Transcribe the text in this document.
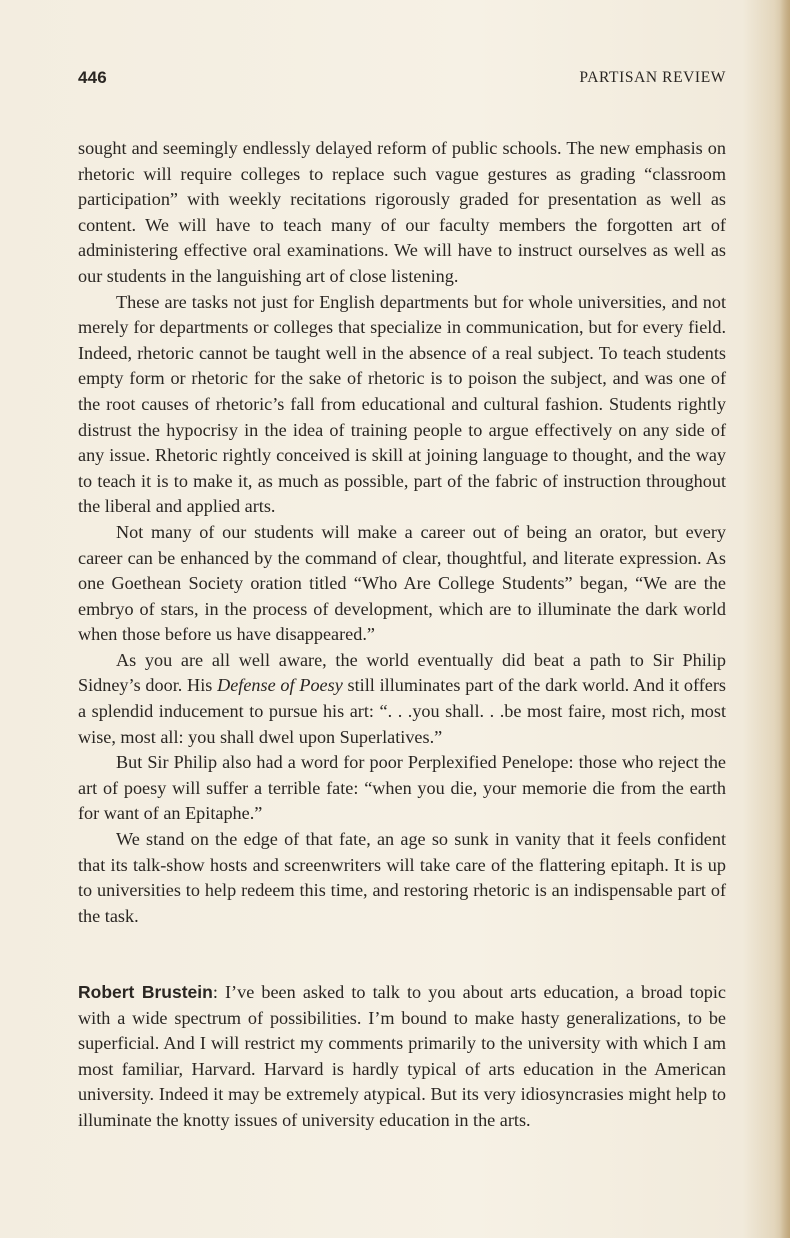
446	PARTISAN REVIEW

sought and seemingly endlessly delayed reform of public schools. The new emphasis on rhetoric will require colleges to replace such vague gestures as grading “classroom participation” with weekly recitations rigorously graded for presentation as well as content. We will have to teach many of our faculty members the forgotten art of administering effective oral examinations. We will have to instruct ourselves as well as our students in the languishing art of close listening.

These are tasks not just for English departments but for whole universities, and not merely for departments or colleges that specialize in communication, but for every field. Indeed, rhetoric cannot be taught well in the absence of a real subject. To teach students empty form or rhetoric for the sake of rhetoric is to poison the subject, and was one of the root causes of rhetoric’s fall from educational and cultural fashion. Students rightly distrust the hypocrisy in the idea of training people to argue effectively on any side of any issue. Rhetoric rightly conceived is skill at joining language to thought, and the way to teach it is to make it, as much as possible, part of the fabric of instruction throughout the liberal and applied arts.

Not many of our students will make a career out of being an orator, but every career can be enhanced by the command of clear, thoughtful, and literate expression. As one Goethean Society oration titled “Who Are College Students” began, “We are the embryo of stars, in the process of development, which are to illuminate the dark world when those before us have disappeared.”

As you are all well aware, the world eventually did beat a path to Sir Philip Sidney’s door. His Defense of Poesy still illuminates part of the dark world. And it offers a splendid inducement to pursue his art: “. . .you shall. . .be most faire, most rich, most wise, most all: you shall dwel upon Superlatives.”

But Sir Philip also had a word for poor Perplexified Penelope: those who reject the art of poesy will suffer a terrible fate: “when you die, your memorie die from the earth for want of an Epitaphe.”

We stand on the edge of that fate, an age so sunk in vanity that it feels confident that its talk-show hosts and screenwriters will take care of the flattering epitaph. It is up to universities to help redeem this time, and restoring rhetoric is an indispensable part of the task.

Robert Brustein: I’ve been asked to talk to you about arts education, a broad topic with a wide spectrum of possibilities. I’m bound to make hasty generalizations, to be superficial. And I will restrict my comments primarily to the university with which I am most familiar, Harvard. Harvard is hardly typical of arts education in the American university. Indeed it may be extremely atypical. But its very idiosyncrasies might help to illuminate the knotty issues of university education in the arts.
